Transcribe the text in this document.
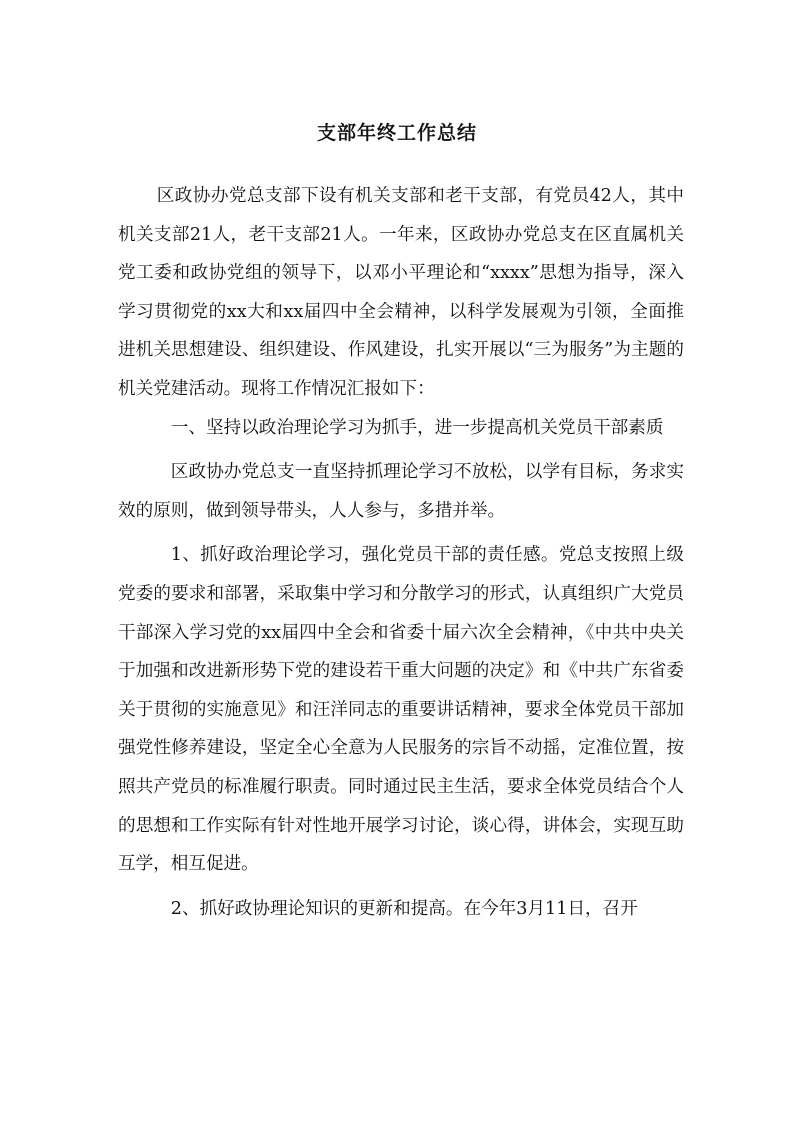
支部年终工作总结

区政协办党总支部下设有机关支部和老干支部，有党员42人，其中机关支部21人，老干支部21人。一年来，区政协办党总支在区直属机关党工委和政协党组的领导下，以邓小平理论和“xxxx”思想为指导，深入学习贯彻党的xx大和xx届四中全会精神，以科学发展观为引领，全面推进机关思想建设、组织建设、作风建设，扎实开展以“三为服务”为主题的机关党建活动。现将工作情况汇报如下：

一、坚持以政治理论学习为抓手，进一步提高机关党员干部素质

区政协办党总支一直坚持抓理论学习不放松，以学有目标，务求实效的原则，做到领导带头，人人参与，多措并举。

1、抓好政治理论学习，强化党员干部的责任感。党总支按照上级党委的要求和部署，采取集中学习和分散学习的形式，认真组织广大党员干部深入学习党的xx届四中全会和省委十届六次全会精神，《中共中央关于加强和改进新形势下党的建设若干重大问题的决定》和《中共广东省委关于贯彻的实施意见》和汪洋同志的重要讲话精神，要求全体党员干部加强党性修养建设，坚定全心全意为人民服务的宗旨不动摇，定准位置，按照共产党员的标准履行职责。同时通过民主生活，要求全体党员结合个人的思想和工作实际有针对性地开展学习讨论，谈心得，讲体会，实现互助互学，相互促进。

2、抓好政协理论知识的更新和提高。在今年3月11日，召开
